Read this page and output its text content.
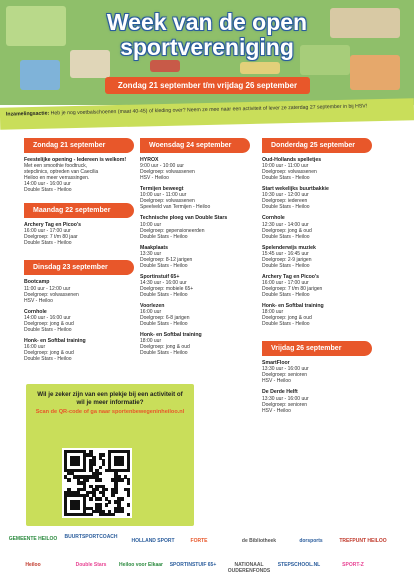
Week van de open
sportvereniging
Zondag 21 september t/m vrijdag 26 september
Inzamelingsactie: Heb je nog voetbalschoenen (maat 40-45) of kleding over? Neem ze mee naar een activiteit of lever ze zaterdag 27 september in bij HSV!
Zondag 21 september
Feestelijke opening - Iedereen is welkom!
Met een smoothie foodtruck,
stepclinics, optreden van Caecilia
Heiloo en meer verrassingen.
14:00 uur - 16:00 uur
Double Stars - Heiloo
Maandag 22 september
Archery Tag en Picoo's
16:00 uur - 17:00 uur
Doelgroep: 7 t/m 80 jaar
Double Stars - Heiloo
Dinsdag 23 september
Bootcamp
11:00 uur - 12:00 uur
Doelgroep: volwassenen
HSV - Heiloo
Cornhole
14:00 uur - 16:00 uur
Doelgroep: jong & oud
Double Stars - Heiloo
Honk- en Softbal training
16:00 uur
Doelgroep: jong & oud
Double Stars - Heiloo
Woensdag 24 september
HYROX
9:00 uur - 10:00 uur
Doelgroep: volwassenen
HSV - Heiloo
Termijen beweegt
10:00 uur - 11:00 uur
Doelgroep: volwassenen
Speelveld van Termijen - Heiloo
Technische ploeg van Double Stars
10:00 uur
Doelgroep: gepensioneerden
Double Stars - Heiloo
Maakplaats
13:30 uur
Doelgroep: 8-12 jarigen
Double Stars - Heiloo
Sportinstuif 65+
14:30 uur - 16:00 uur
Doelgroep: mobiele 65+
Double Stars - Heiloo
Voorlezen
16:00 uur
Doelgroep: 6-8 jarigen
Double Stars - Heiloo
Honk- en Softbal training
18:00 uur
Doelgroep: jong & oud
Double Stars - Heiloo
Donderdag 25 september
Oud-Hollands spelletjes
10:00 uur - 11:00 uur
Doelgroep: volwassenen
Double Stars - Heiloo
Start wekelijks buurtbakkie
10:30 uur - 12:00 uur
Doelgroep: iedereen
Double Stars - Heiloo
Cornhole
12:30 uur - 14:00 uur
Doelgroep: jong & oud
Double Stars - Heiloo
Spelenderwijs muziek
15:45 uur - 16:45 uur
Doelgroep: 2-9 jarigen
Double Stars - Heiloo
Archery Tag en Picoo's
16:00 uur - 17:00 uur
Doelgroep: 7 t/m 80 jarigen
Double Stars - Heiloo
Honk- en Softbal training
18:00 uur
Doelgroep: jong & oud
Double Stars - Heiloo
Vrijdag 26 september
SmartFloor
13:30 uur - 16:00 uur
Doelgroep: senioren
HSV - Heiloo
De Derde Helft
13:30 uur - 16:00 uur
Doelgroep: senioren
HSV - Heiloo
Wil je zeker zijn van een plekje bij een activiteit of wil je meer informatie?
Scan de QR-code of ga naar sportenbewegeninheiloo.nl
GEMEENTE HEILOO	BUURTSPORTCOACH
HOLLAND SPORT	FORTE	de Bibliotheek	dorsports	TREFPUNT HEILOO
Heiloo	Double Stars	Heiloo voor Elkaar	SPORTINSTUIF 65+	NATIONAAL OUDERENFONDS
STEPSCHOOL.NL	SPORT-Z
